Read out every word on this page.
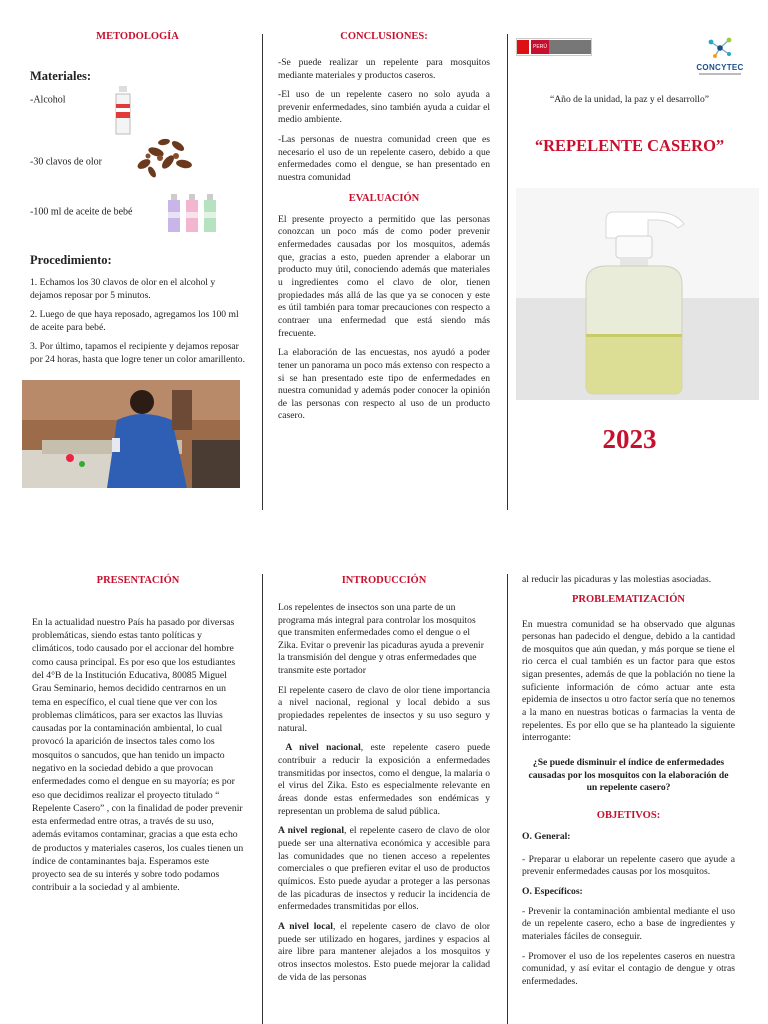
METODOLOGÍA
Materiales:
-Alcohol
-30 clavos de olor
-100 ml de aceite de bebé
Procedimiento:

1. Echamos los 30 clavos de olor en el alcohol y dejamos reposar por 5 minutos.

2. Luego de que haya reposado, agregamos los 100 ml de aceite para bebé.

3. Por último, tapamos el recipiente y dejamos reposar por 24 horas, hasta que logre tener un color amarillento.

CONCLUSIONES:

-Se puede realizar un repelente para mosquitos mediante materiales y productos caseros.

-El uso de un repelente casero no solo ayuda a prevenir enfermedades, sino también ayuda a cuidar el medio ambiente.

-Las personas de nuestra comunidad creen que es necesario el uso de un repelente casero, debido a que enfermedades como el dengue, se han presentado en nuestra comunidad

EVALUACIÓN

El presente proyecto a permitido que las personas conozcan un poco más de como poder prevenir enfermedades causadas por los mosquitos, además que, gracias a esto, pueden aprender a elaborar un producto muy útil, conociendo además que materiales u ingredientes como el clavo de olor, tienen propiedades más allá de las que ya se conocen y este es útil también para tomar precauciones con respecto a contraer una enfermedad que está siendo más frecuente.

La elaboración de las encuestas, nos ayudó a poder tener un panorama un poco más extenso con respecto a si se han presentado este tipo de enfermedades en nuestra comunidad y además poder conocer la opinión de las personas con respecto al uso de un producto casero.

PERÚ
CONCYTEC
“Año de la unidad, la paz y el desarrollo”
“REPELENTE CASERO”
2023
PRESENTACIÓN

En la actualidad nuestro País ha pasado por diversas problemáticas, siendo estas tanto políticas y climáticos, todo causado por el accionar del hombre como causa principal. Es por eso que los estudiantes del 4°B de la Institución Educativa, 80085 Miguel Grau Seminario, hemos decidido centrarnos en un tema en específico, el cual tiene que ver con los problemas climáticos, para ser exactos las lluvias causadas por la contaminación ambiental, lo cual provocó la aparición de insectos tales como los mosquitos o sancudos, que han tenido un impacto negativo en la sociedad debido a que provocan enfermedades como el dengue en su mayoría; es por eso que decidimos realizar el proyecto titulado “ Repelente Casero” , con la finalidad de poder prevenir esta enfermedad entre otras, a través de su uso, además evitamos contaminar, gracias a que esta echo de productos y materiales caseros, los cuales tienen un índice de contaminantes baja. Esperamos este proyecto sea de su interés y sobre todo podamos contribuir a la sociedad y al ambiente.

INTRODUCCIÓN

Los repelentes de insectos son una parte de un programa más integral para controlar los mosquitos que transmiten enfermedades como el dengue o el Zika. Evitar o prevenir las picaduras ayuda a prevenir la transmisión del dengue y otras enfermedades que transmite este portador

El repelente casero de clavo de olor tiene importancia a nivel nacional, regional y local debido a sus propiedades repelentes de insectos y su uso seguro y natural.

A nivel nacional, este repelente casero puede contribuir a reducir la exposición a enfermedades transmitidas por insectos, como el dengue, la malaria o el virus del Zika. Esto es especialmente relevante en áreas donde estas enfermedades son endémicas y representan un problema de salud pública.

A nivel regional, el repelente casero de clavo de olor puede ser una alternativa económica y accesible para las comunidades que no tienen acceso a repelentes comerciales o que prefieren evitar el uso de productos químicos. Esto puede ayudar a proteger a las personas de las picaduras de insectos y reducir la incidencia de enfermedades transmitidas por ellos.

A nivel local, el repelente casero de clavo de olor puede ser utilizado en hogares, jardines y espacios al aire libre para mantener alejados a los mosquitos y otros insectos molestos. Esto puede mejorar la calidad de vida de las personas

al reducir las picaduras y las molestias asociadas.

PROBLEMATIZACIÓN

En muestra comunidad se ha observado que algunas personas han padecido el dengue, debido a la cantidad de mosquitos que aún quedan, y más porque se tiene el rio cerca el cual también es un factor para que estos sigan presentes, además de que la población no tiene la suficiente información de cómo actuar ante esta epidemia de insectos u otro factor sería que no tenemos a la mano en nuestras boticas o farmacias la venta de repelentes. Es por ello que se ha planteado la siguiente interrogante:

¿Se puede disminuir el índice de enfermedades causadas por los mosquitos con la elaboración de un repelente casero?

OBJETIVOS:

O. General:

- Preparar u elaborar un repelente casero que ayude a prevenir enfermedades causas por los mosquitos.

O. Específicos:

- Prevenir la contaminación ambiental mediante el uso de un repelente casero, echo a base de ingredientes y materiales fáciles de conseguir.

- Promover el uso de los repelentes caseros en nuestra comunidad, y así evitar el contagio de dengue y otras enfermedades.
